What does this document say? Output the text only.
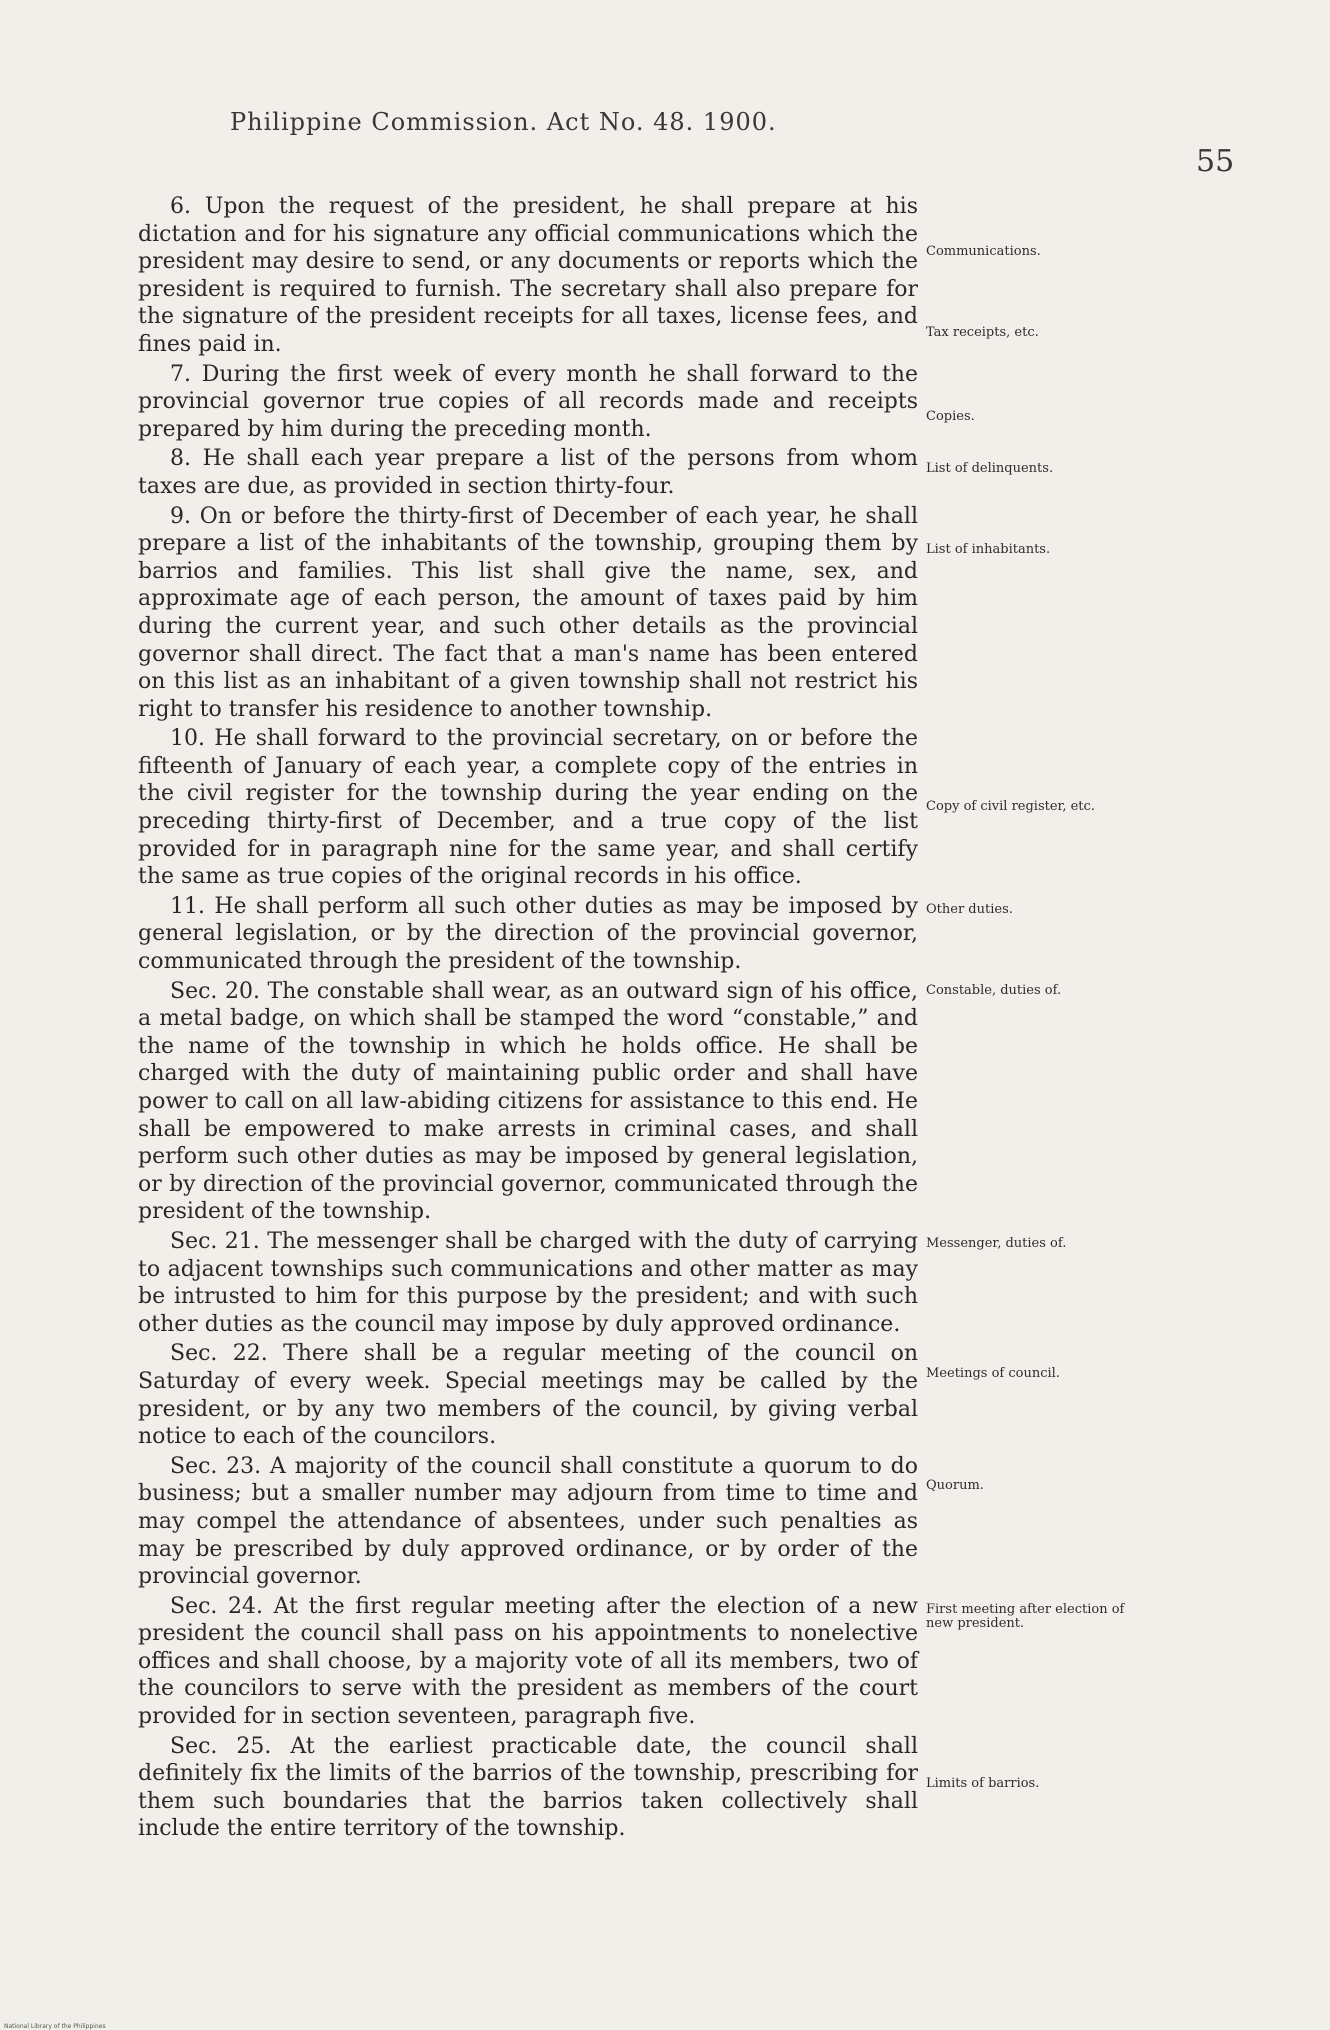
Philippine Commission. Act No. 48. 1900.
55

6. Upon the request of the president, he shall prepare at his dictation and for his signature any official communications which the president may desire to send, or any documents or reports which the president is required to furnish. The secretary shall also prepare for the signature of the president receipts for all taxes, license fees, and fines paid in.

7. During the first week of every month he shall forward to the provincial governor true copies of all records made and receipts prepared by him during the preceding month.

8. He shall each year prepare a list of the persons from whom taxes are due, as provided in section thirty-four.

9. On or before the thirty-first of December of each year, he shall prepare a list of the inhabitants of the township, grouping them by barrios and families. This list shall give the name, sex, and approximate age of each person, the amount of taxes paid by him during the current year, and such other details as the provincial governor shall direct. The fact that a man's name has been entered on this list as an inhabitant of a given township shall not restrict his right to transfer his residence to another township.

10. He shall forward to the provincial secretary, on or before the fifteenth of January of each year, a complete copy of the entries in the civil register for the township during the year ending on the preceding thirty-first of December, and a true copy of the list provided for in paragraph nine for the same year, and shall certify the same as true copies of the original records in his office.

11. He shall perform all such other duties as may be imposed by general legislation, or by the direction of the provincial governor, communicated through the president of the township.

Sec. 20. The constable shall wear, as an outward sign of his office, a metal badge, on which shall be stamped the word “constable,” and the name of the township in which he holds office. He shall be charged with the duty of maintaining public order and shall have power to call on all law-abiding citizens for assistance to this end. He shall be empowered to make arrests in criminal cases, and shall perform such other duties as may be imposed by general legislation, or by direction of the provincial governor, communicated through the president of the township.

Sec. 21. The messenger shall be charged with the duty of carrying to adjacent townships such communications and other matter as may be intrusted to him for this purpose by the president; and with such other duties as the council may impose by duly approved ordinance.

Sec. 22. There shall be a regular meeting of the council on Saturday of every week. Special meetings may be called by the president, or by any two members of the council, by giving verbal notice to each of the councilors.

Sec. 23. A majority of the council shall constitute a quorum to do business; but a smaller number may adjourn from time to time and may compel the attendance of absentees, under such penalties as may be prescribed by duly approved ordinance, or by order of the provincial governor.

Sec. 24. At the first regular meeting after the election of a new president the council shall pass on his appointments to nonelective offices and shall choose, by a majority vote of all its members, two of the councilors to serve with the president as members of the court provided for in section seventeen, paragraph five.

Sec. 25. At the earliest practicable date, the council shall definitely fix the limits of the barrios of the township, prescribing for them such boundaries that the barrios taken collectively shall include the entire territory of the township.

Communications.
Tax receipts, etc.
Copies.
List of delinquents.
List of inhabitants.
Copy of civil register, etc.
Other duties.
Constable, duties of.
Messenger, duties of.
Meetings of council.
Quorum.
First meeting after election of new president.
Limits of barrios.
National Library of the Philippines
